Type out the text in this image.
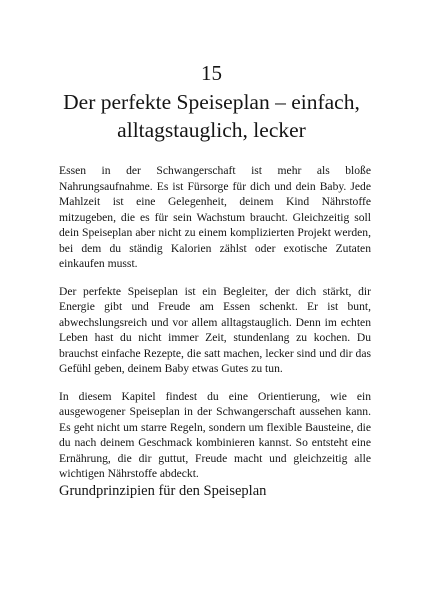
15
Der perfekte Speiseplan – einfach, alltagstauglich, lecker

Essen in der Schwangerschaft ist mehr als bloße Nahrungsaufnahme. Es ist Fürsorge für dich und dein Baby. Jede Mahlzeit ist eine Gelegenheit, deinem Kind Nährstoffe mitzugeben, die es für sein Wachstum braucht. Gleichzeitig soll dein Speiseplan aber nicht zu einem komplizierten Projekt werden, bei dem du ständig Kalorien zählst oder exotische Zutaten einkaufen musst.

Der perfekte Speiseplan ist ein Begleiter, der dich stärkt, dir Energie gibt und Freude am Essen schenkt. Er ist bunt, abwechslungsreich und vor allem alltagstauglich. Denn im echten Leben hast du nicht immer Zeit, stundenlang zu kochen. Du brauchst einfache Rezepte, die satt machen, lecker sind und dir das Gefühl geben, deinem Baby etwas Gutes zu tun.

In diesem Kapitel findest du eine Orientierung, wie ein ausgewogener Speiseplan in der Schwangerschaft aussehen kann. Es geht nicht um starre Regeln, sondern um flexible Bausteine, die du nach deinem Geschmack kombinieren kannst. So entsteht eine Ernährung, die dir guttut, Freude macht und gleichzeitig alle wichtigen Nährstoffe abdeckt.

Grundprinzipien für den Speiseplan
